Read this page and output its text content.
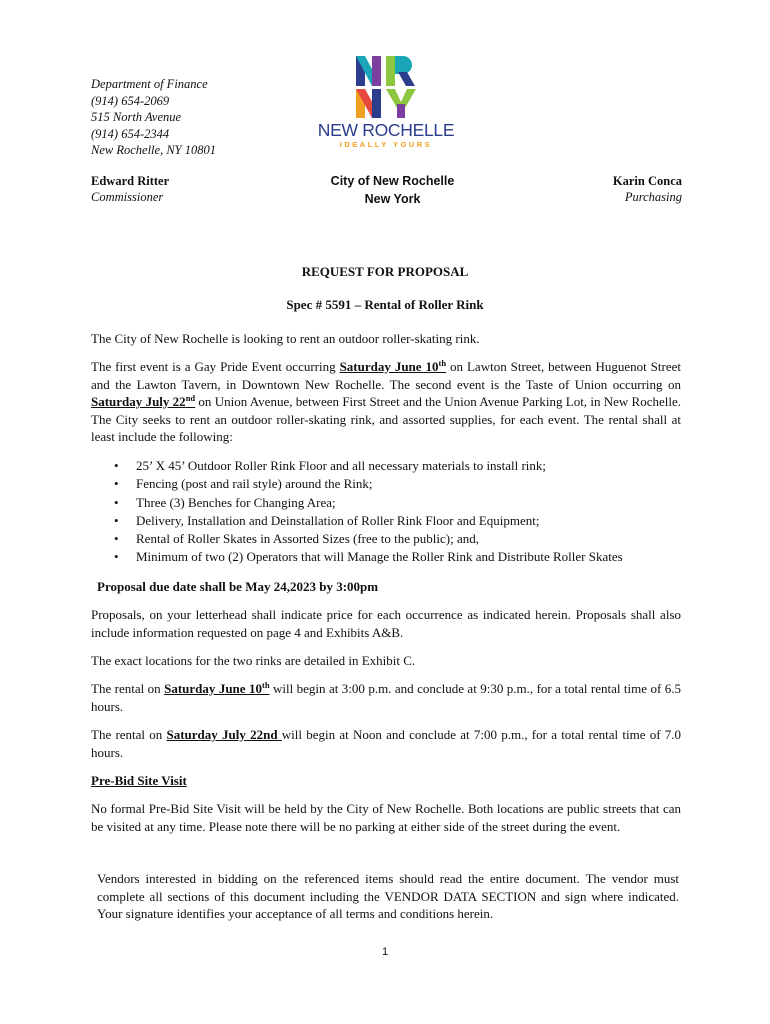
Department of Finance
(914) 654-2069
515 North Avenue
(914) 654-2344
New Rochelle, NY 10801
NEW ROCHELLE
IDEALLY YOURS
Edward Ritter
Commissioner
City of New Rochelle
New York
Karin Conca
Purchasing
REQUEST FOR PROPOSAL
Spec # 5591 – Rental of Roller Rink
The City of New Rochelle is looking to rent an outdoor roller-skating rink.
The first event is a Gay Pride Event occurring Saturday June 10th on Lawton Street, between Huguenot Street and the Lawton Tavern, in Downtown New Rochelle. The second event is the Taste of Union occurring on Saturday July 22nd on Union Avenue, between First Street and the Union Avenue Parking Lot, in New Rochelle. The City seeks to rent an outdoor roller-skating rink, and assorted supplies, for each event. The rental shall at least include the following:
• 25’ X 45’ Outdoor Roller Rink Floor and all necessary materials to install rink;
• Fencing (post and rail style) around the Rink;
• Three (3) Benches for Changing Area;
• Delivery, Installation and Deinstallation of Roller Rink Floor and Equipment;
• Rental of Roller Skates in Assorted Sizes (free to the public); and,
• Minimum of two (2) Operators that will Manage the Roller Rink and Distribute Roller Skates
Proposal due date shall be May 24,2023 by 3:00pm
Proposals, on your letterhead shall indicate price for each occurrence as indicated herein. Proposals shall also include information requested on page 4 and Exhibits A&B.
The exact locations for the two rinks are detailed in Exhibit C.
The rental on Saturday June 10th will begin at 3:00 p.m. and conclude at 9:30 p.m., for a total rental time of 6.5 hours.
The rental on Saturday July 22nd will begin at Noon and conclude at 7:00 p.m., for a total rental time of 7.0 hours.
Pre-Bid Site Visit
No formal Pre-Bid Site Visit will be held by the City of New Rochelle. Both locations are public streets that can be visited at any time. Please note there will be no parking at either side of the street during the event.
Vendors interested in bidding on the referenced items should read the entire document. The vendor must complete all sections of this document including the VENDOR DATA SECTION and sign where indicated. Your signature identifies your acceptance of all terms and conditions herein.
1
